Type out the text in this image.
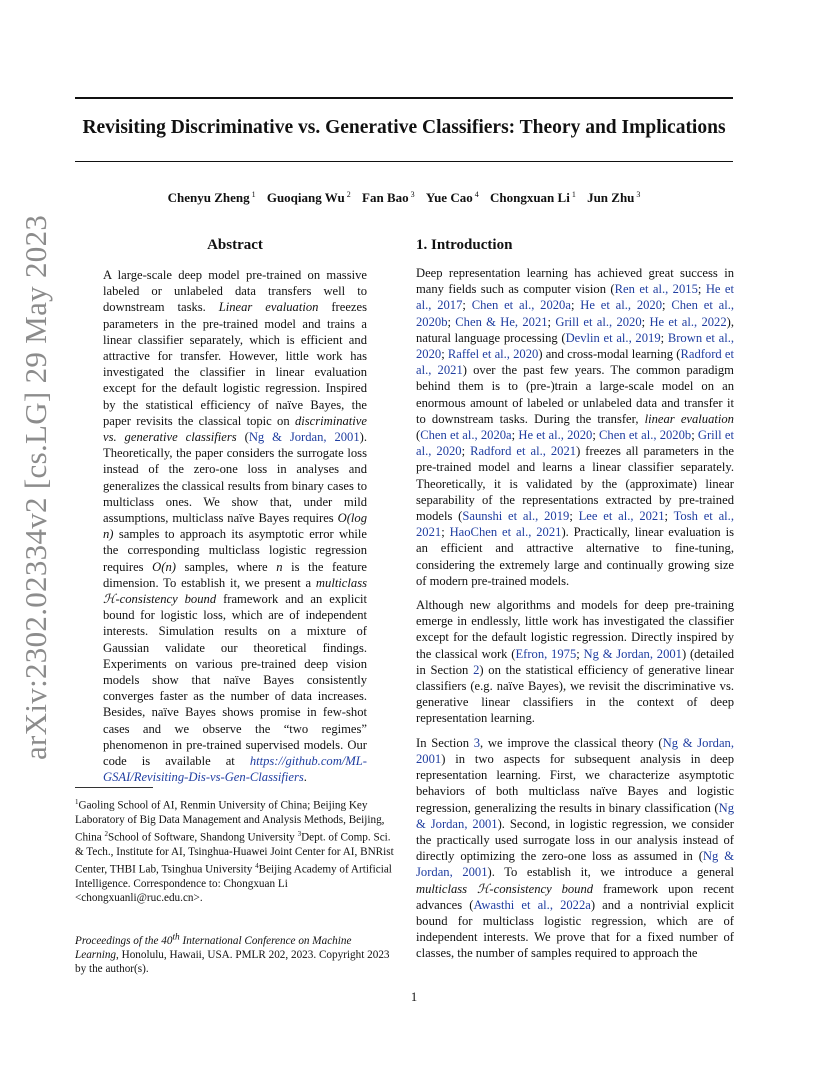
arXiv:2302.02334v2 [cs.LG] 29 May 2023
Revisiting Discriminative vs. Generative Classifiers: Theory and Implications
Chenyu Zheng $^1$ Guoqiang Wu $^2$ Fan Bao $^3$ Yue Cao $^4$ Chongxuan Li $^1$ Jun Zhu $^3$
Abstract
A large-scale deep model pre-trained on massive labeled or unlabeled data transfers well to downstream tasks. Linear evaluation freezes parameters in the pre-trained model and trains a linear classifier separately, which is efficient and attractive for transfer. However, little work has investigated the classifier in linear evaluation except for the default logistic regression. Inspired by the statistical efficiency of naïve Bayes, the paper revisits the classical topic on discriminative vs. generative classifiers (Ng & Jordan, 2001). Theoretically, the paper considers the surrogate loss instead of the zero-one loss in analyses and generalizes the classical results from binary cases to multiclass ones. We show that, under mild assumptions, multiclass naïve Bayes requires O(log n) samples to approach its asymptotic error while the corresponding multiclass logistic regression requires O(n) samples, where n is the feature dimension. To establish it, we present a multiclass ℋ-consistency bound framework and an explicit bound for logistic loss, which are of independent interests. Simulation results on a mixture of Gaussian validate our theoretical findings. Experiments on various pre-trained deep vision models show that naïve Bayes consistently converges faster as the number of data increases. Besides, naïve Bayes shows promise in few-shot cases and we observe the “two regimes” phenomenon in pre-trained supervised models. Our code is available at https://github.com/ML-GSAI/Revisiting-Dis-vs-Gen-Classifiers.
$^1$Gaoling School of AI, Renmin University of China; Beijing Key Laboratory of Big Data Management and Analysis Methods, Beijing, China $^2$School of Software, Shandong University $^3$Dept. of Comp. Sci. & Tech., Institute for AI, Tsinghua-Huawei Joint Center for AI, BNRist Center, THBI Lab, Tsinghua University $^4$Beijing Academy of Artificial Intelligence. Correspondence to: Chongxuan Li <chongxuanli@ruc.edu.cn>.
Proceedings of the 40th International Conference on Machine Learning, Honolulu, Hawaii, USA. PMLR 202, 2023. Copyright 2023 by the author(s).
1. Introduction
Deep representation learning has achieved great success in many fields such as computer vision (Ren et al., 2015; He et al., 2017; Chen et al., 2020a; He et al., 2020; Chen et al., 2020b; Chen & He, 2021; Grill et al., 2020; He et al., 2022), natural language processing (Devlin et al., 2019; Brown et al., 2020; Raffel et al., 2020) and cross-modal learning (Radford et al., 2021) over the past few years. The common paradigm behind them is to (pre-)train a large-scale model on an enormous amount of labeled or unlabeled data and transfer it to downstream tasks. During the transfer, linear evaluation (Chen et al., 2020a; He et al., 2020; Chen et al., 2020b; Grill et al., 2020; Radford et al., 2021) freezes all parameters in the pre-trained model and learns a linear classifier separately. Theoretically, it is validated by the (approximate) linear separability of the representations extracted by pre-trained models (Saunshi et al., 2019; Lee et al., 2021; Tosh et al., 2021; HaoChen et al., 2021). Practically, linear evaluation is an efficient and attractive alternative to fine-tuning, considering the extremely large and continually growing size of modern pre-trained models.
Although new algorithms and models for deep pre-training emerge in endlessly, little work has investigated the classifier except for the default logistic regression. Directly inspired by the classical work (Efron, 1975; Ng & Jordan, 2001) (detailed in Section 2) on the statistical efficiency of generative linear classifiers (e.g. naïve Bayes), we revisit the discriminative vs. generative linear classifiers in the context of deep representation learning.
In Section 3, we improve the classical theory (Ng & Jordan, 2001) in two aspects for subsequent analysis in deep representation learning. First, we characterize asymptotic behaviors of both multiclass naïve Bayes and logistic regression, generalizing the results in binary classification (Ng & Jordan, 2001). Second, in logistic regression, we consider the practically used surrogate loss in our analysis instead of directly optimizing the zero-one loss as assumed in (Ng & Jordan, 2001). To establish it, we introduce a general multiclass ℋ-consistency bound framework upon recent advances (Awasthi et al., 2022a) and a nontrivial explicit bound for multiclass logistic regression, which are of independent interests. We prove that for a fixed number of classes, the number of samples required to approach the
1
